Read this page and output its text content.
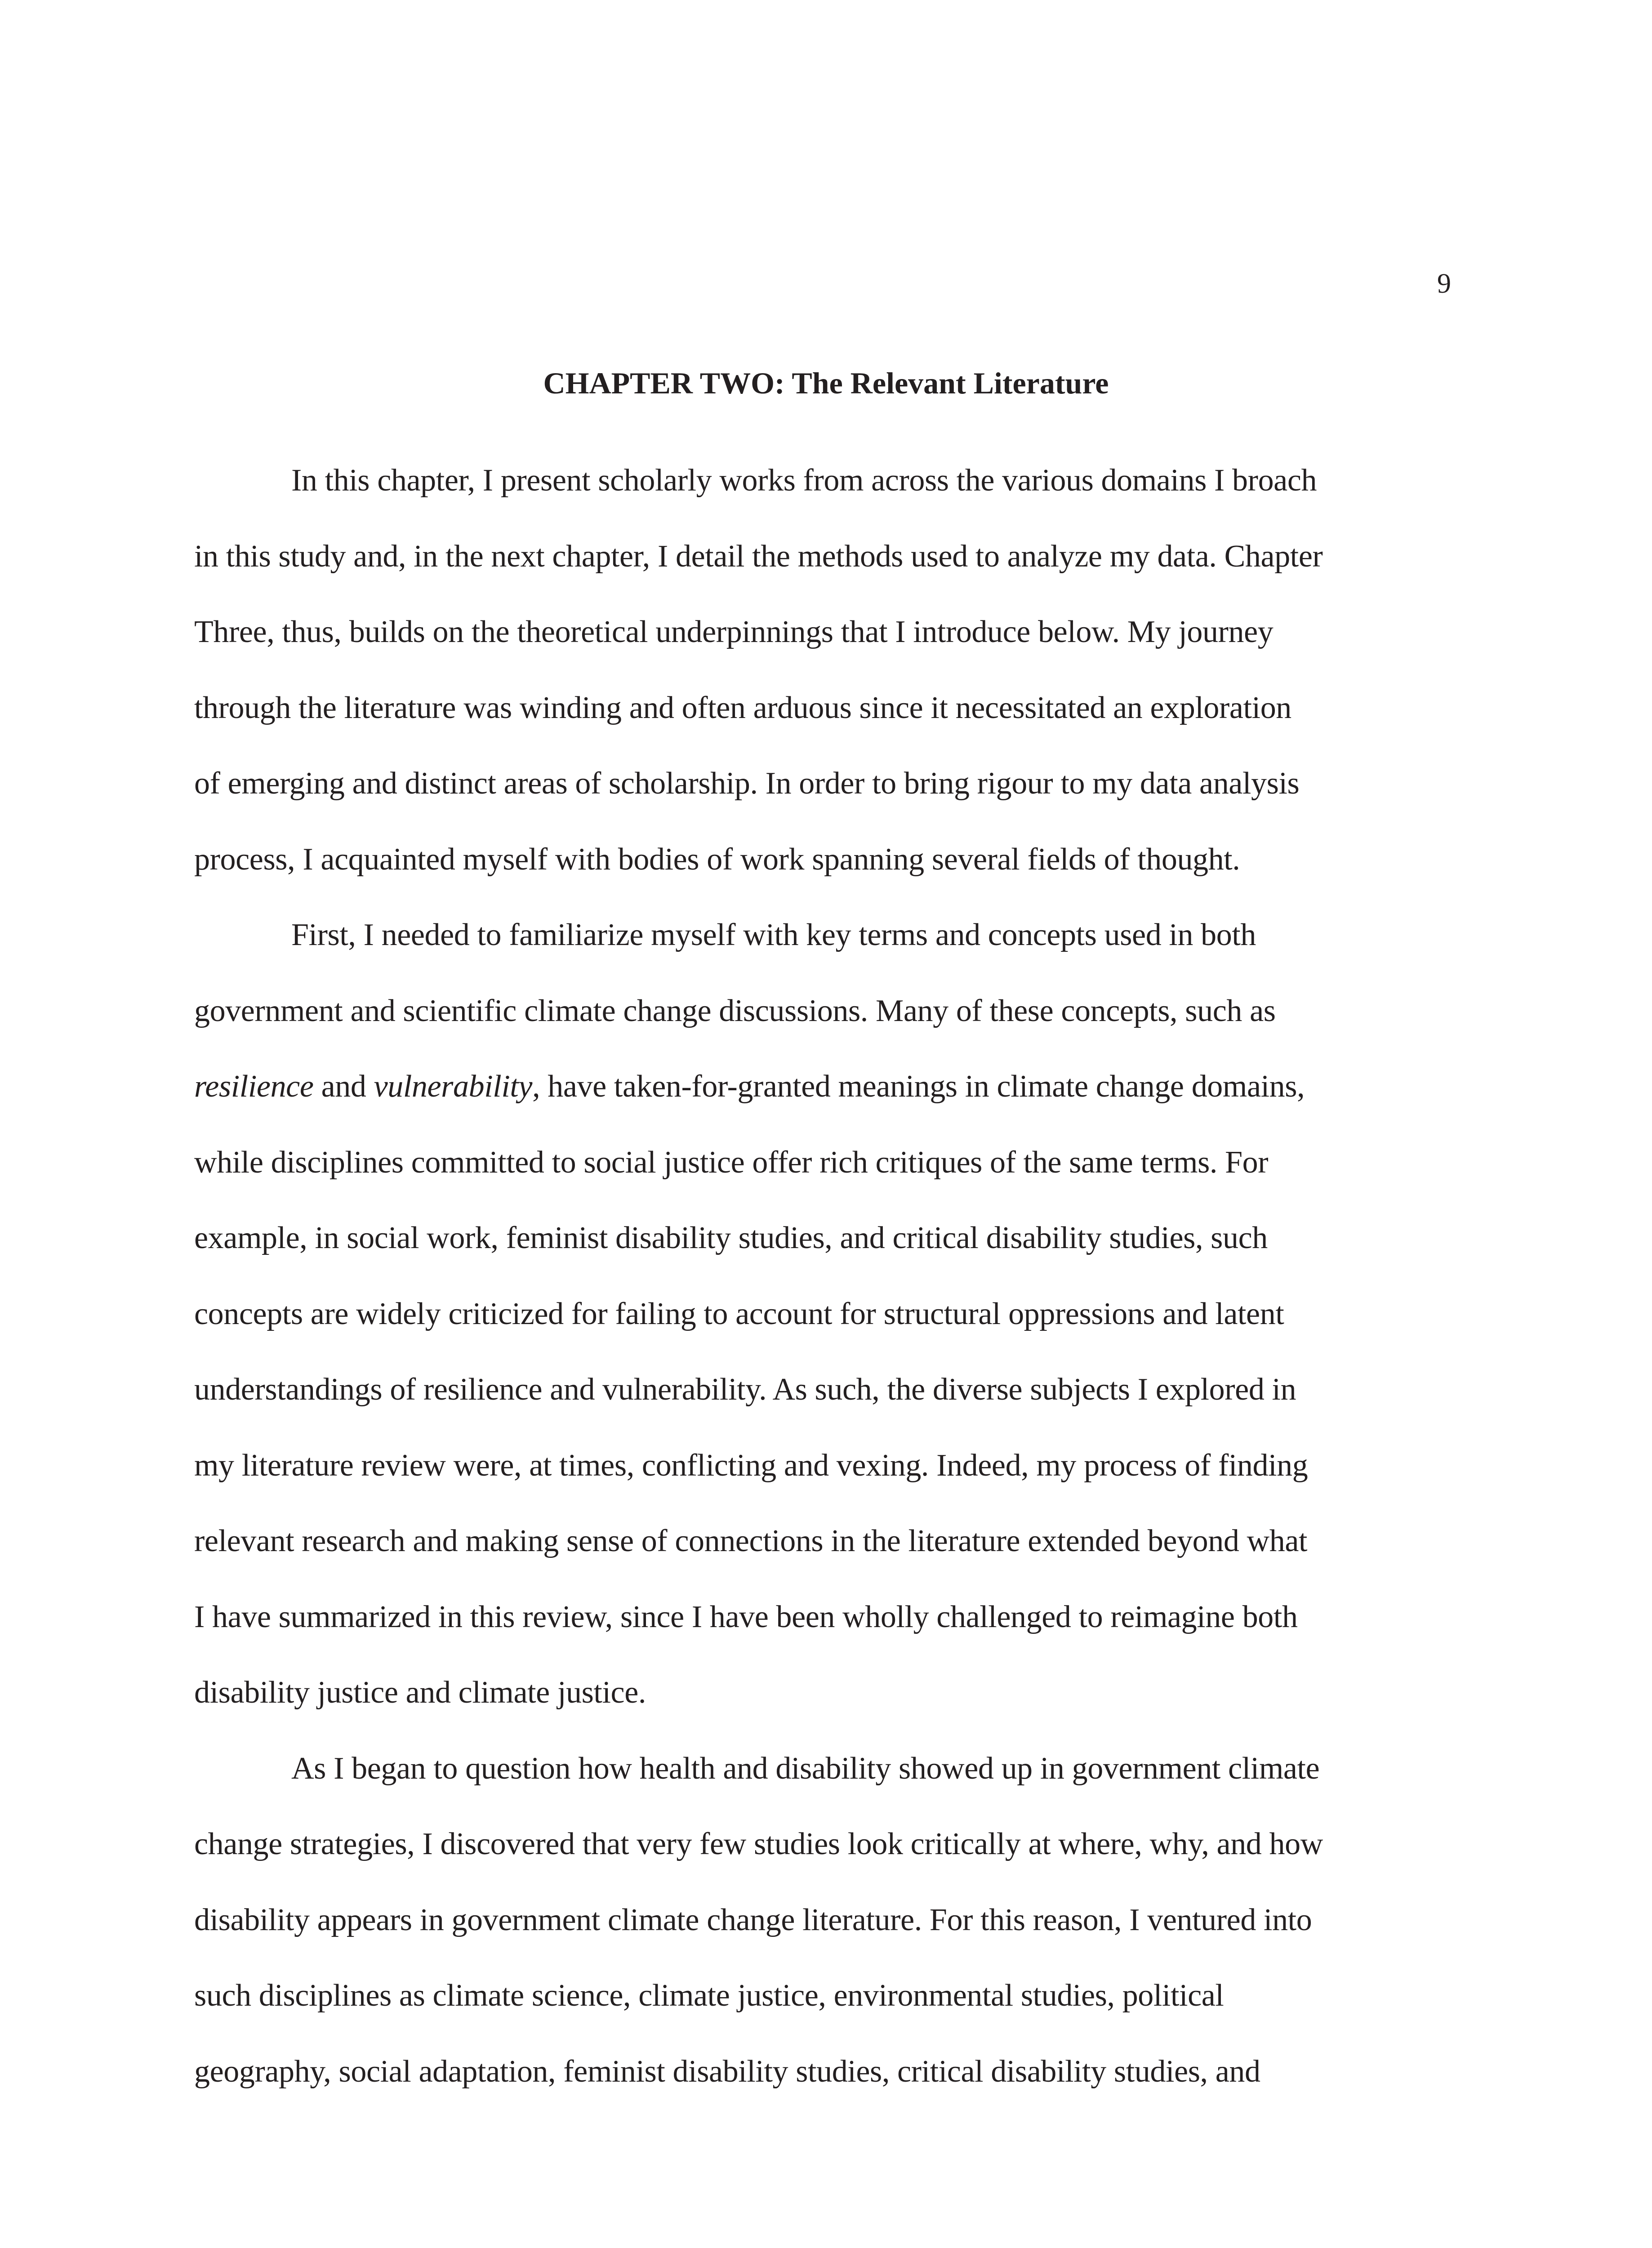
9
CHAPTER TWO: The Relevant Literature
In this chapter, I present scholarly works from across the various domains I broach
in this study and, in the next chapter, I detail the methods used to analyze my data. Chapter
Three, thus, builds on the theoretical underpinnings that I introduce below. My journey
through the literature was winding and often arduous since it necessitated an exploration
of emerging and distinct areas of scholarship. In order to bring rigour to my data analysis
process, I acquainted myself with bodies of work spanning several fields of thought.
First, I needed to familiarize myself with key terms and concepts used in both
government and scientific climate change discussions. Many of these concepts, such as
resilience and vulnerability, have taken-for-granted meanings in climate change domains,
while disciplines committed to social justice offer rich critiques of the same terms. For
example, in social work, feminist disability studies, and critical disability studies, such
concepts are widely criticized for failing to account for structural oppressions and latent
understandings of resilience and vulnerability. As such, the diverse subjects I explored in
my literature review were, at times, conflicting and vexing. Indeed, my process of finding
relevant research and making sense of connections in the literature extended beyond what
I have summarized in this review, since I have been wholly challenged to reimagine both
disability justice and climate justice.
As I began to question how health and disability showed up in government climate
change strategies, I discovered that very few studies look critically at where, why, and how
disability appears in government climate change literature. For this reason, I ventured into
such disciplines as climate science, climate justice, environmental studies, political
geography, social adaptation, feminist disability studies, critical disability studies, and
